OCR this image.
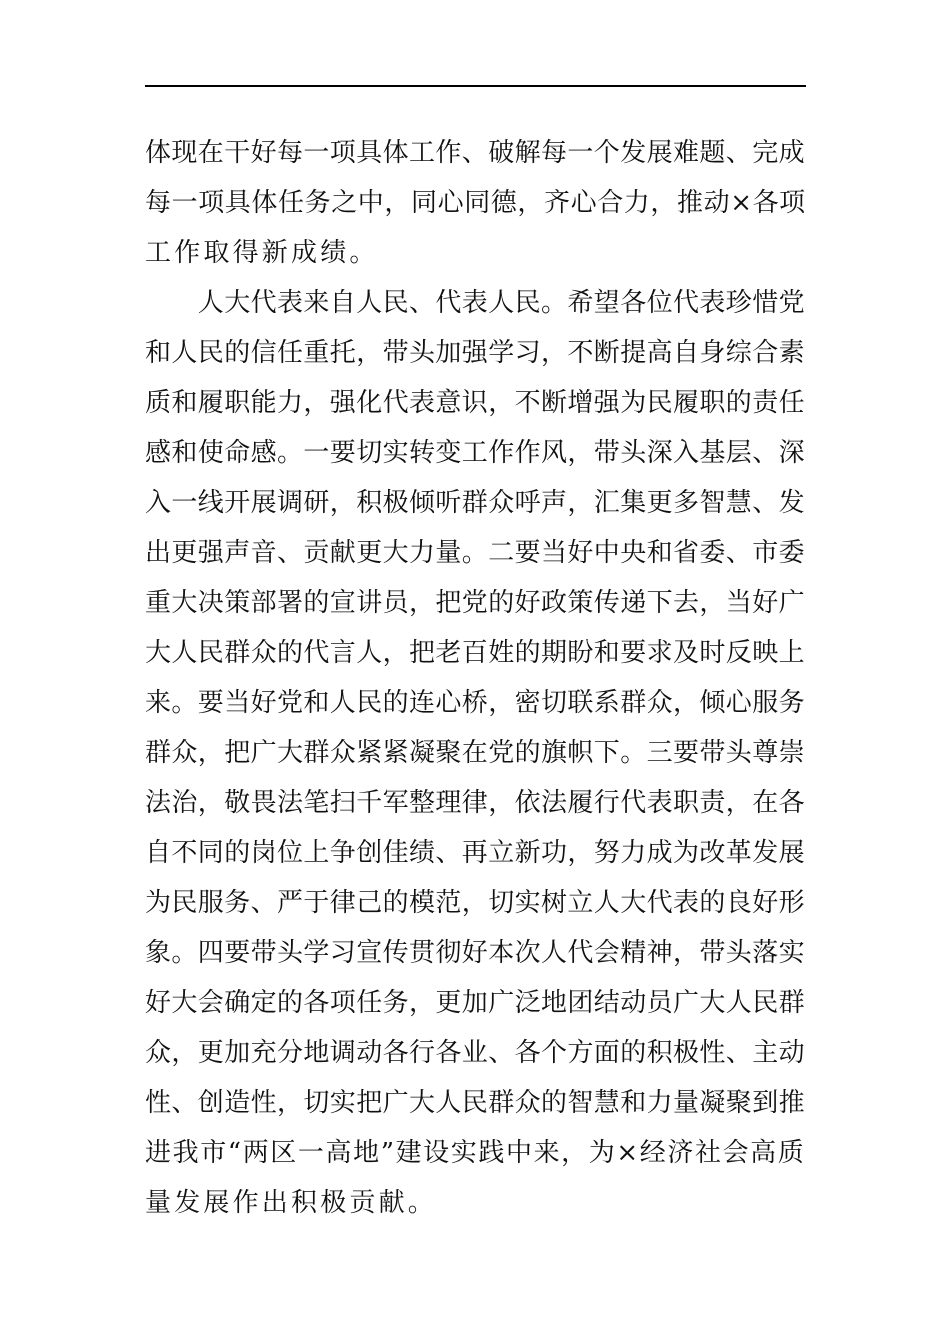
体现在干好每一项具体工作、破解每一个发展难题、完成
每一项具体任务之中，同心同德，齐心合力，推动×各项
工作取得新成绩。
　　人大代表来自人民、代表人民。希望各位代表珍惜党
和人民的信任重托，带头加强学习，不断提高自身综合素
质和履职能力，强化代表意识，不断增强为民履职的责任
感和使命感。一要切实转变工作作风，带头深入基层、深
入一线开展调研，积极倾听群众呼声，汇集更多智慧、发
出更强声音、贡献更大力量。二要当好中央和省委、市委
重大决策部署的宣讲员，把党的好政策传递下去，当好广
大人民群众的代言人，把老百姓的期盼和要求及时反映上
来。要当好党和人民的连心桥，密切联系群众，倾心服务
群众，把广大群众紧紧凝聚在党的旗帜下。三要带头尊崇
法治，敬畏法笔扫千军整理律，依法履行代表职责，在各
自不同的岗位上争创佳绩、再立新功，努力成为改革发展
为民服务、严于律己的模范，切实树立人大代表的良好形
象。四要带头学习宣传贯彻好本次人代会精神，带头落实
好大会确定的各项任务，更加广泛地团结动员广大人民群
众，更加充分地调动各行各业、各个方面的积极性、主动
性、创造性，切实把广大人民群众的智慧和力量凝聚到推
进我市“两区一高地”建设实践中来，为×经济社会高质
量发展作出积极贡献。
